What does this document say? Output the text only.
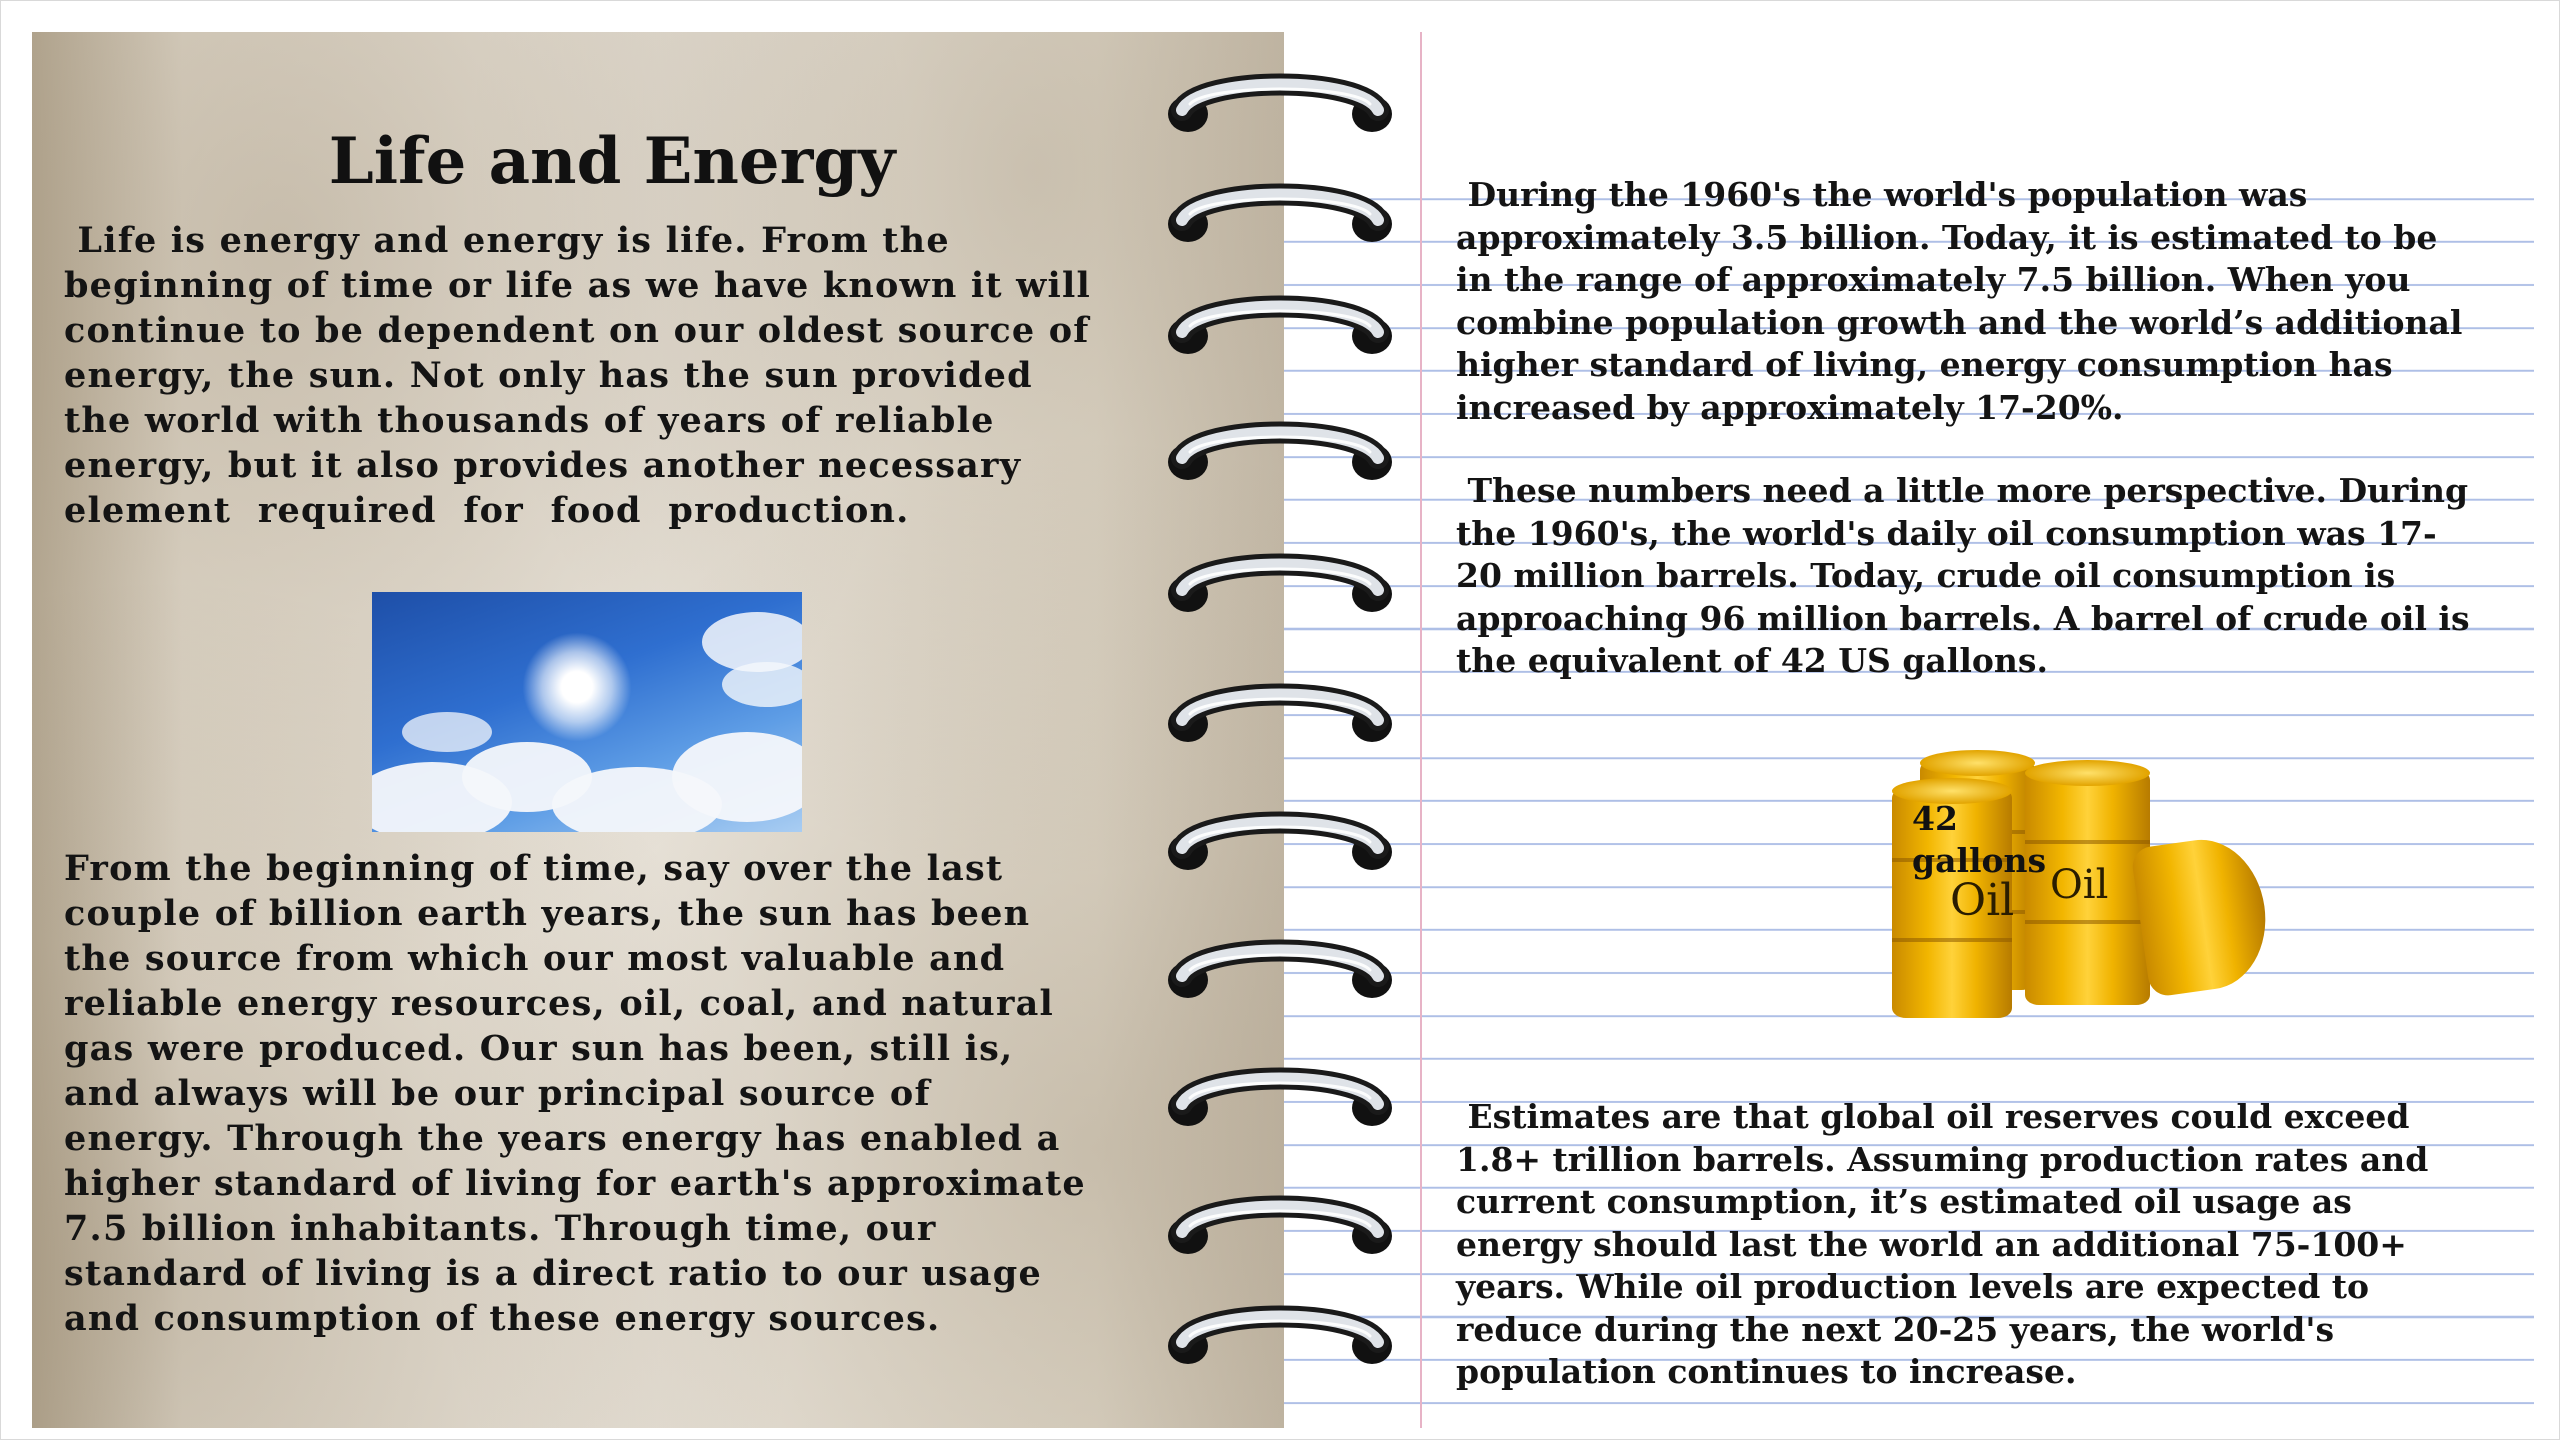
Life and Energy
Life is energy and energy is life. From the
beginning of time or life as we have known it will
continue to be dependent on our oldest source of
energy, the sun. Not only has the sun provided
the world with thousands of years of reliable
energy, but it also provides another necessary
element  required  for  food  production.
From the beginning of time, say over the last
couple of billion earth years, the sun has been
the source from which our most valuable and
reliable energy resources, oil, coal, and natural
gas were produced. Our sun has been, still is,
and always will be our principal source of
energy. Through the years energy has enabled a
higher standard of living for earth's approximate
7.5 billion inhabitants. Through time, our
standard of living is a direct ratio to our usage
and consumption of these energy sources.
During the 1960's the world's population was
approximately 3.5 billion. Today, it is estimated to be
in the range of approximately 7.5 billion. When you
combine population growth and the world’s additional
higher standard of living, energy consumption has
increased by approximately 17-20%.
These numbers need a little more perspective. During
the 1960's, the world's daily oil consumption was 17-
20 million barrels. Today, crude oil consumption is
approaching 96 million barrels. A barrel of crude oil is
the equivalent of 42 US gallons.
Oil Oil
42
gallons
Estimates are that global oil reserves could exceed
1.8+ trillion barrels. Assuming production rates and
current consumption, it’s estimated oil usage as
energy should last the world an additional 75-100+
years. While oil production levels are expected to
reduce during the next 20-25 years, the world's
population continues to increase.
